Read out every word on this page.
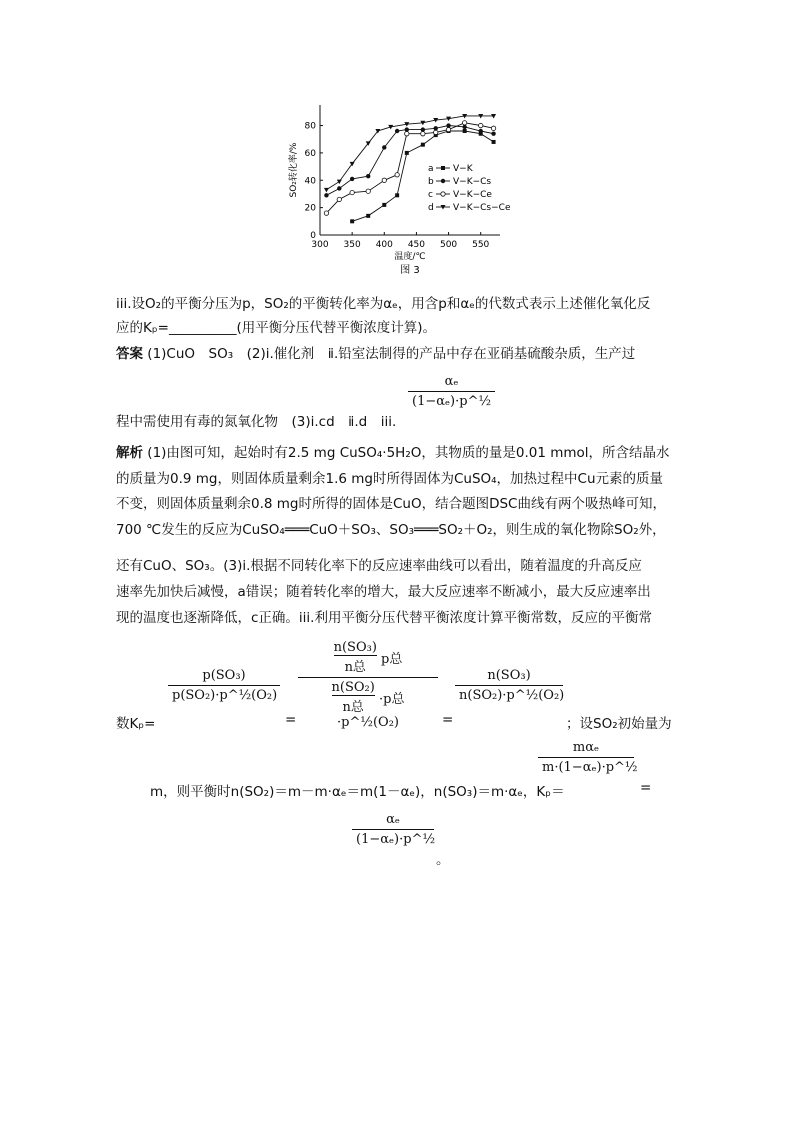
300 350 400 450 500 550
0
20
40
60
80
温度/℃
SO₂转化率/%
图 3
a V−K
b V−K−Cs
c V−K−Ce
d V−K−Cs−Ce
iii.设O₂的平衡分压为p，SO₂的平衡转化率为αₑ，用含p和αₑ的代数式表示上述催化氧化反
应的Kₚ=__________(用平衡分压代替平衡浓度计算)。
答案 (1)CuO　SO₃　(2)ⅰ.催化剂　ⅱ.铅室法制得的产品中存在亚硝基硫酸杂质，生产过
αₑ
(1−αₑ)·p^½
程中需使用有毒的氮氧化物　(3)ⅰ.cd　ⅱ.d　iii.
解析 (1)由图可知，起始时有2.5 mg CuSO₄·5H₂O，其物质的量是0.01 mmol，所含结晶水
的质量为0.9 mg，则固体质量剩余1.6 mg时所得固体为CuSO₄，加热过程中Cu元素的质量
不变，则固体质量剩余0.8 mg时所得的固体是CuO，结合题图DSC曲线有两个吸热峰可知，
700 ℃发生的反应为CuSO₄═══CuO＋SO₃、SO₃═══SO₂＋O₂，则生成的氧化物除SO₂外，
还有CuO、SO₃。(3)ⅰ.根据不同转化率下的反应速率曲线可以看出，随着温度的升高反应
速率先加快后减慢，a错误；随着转化率的增大，最大反应速率不断减小，最大反应速率出
现的温度也逐渐降低，c正确。iii.利用平衡分压代替平衡浓度计算平衡常数，反应的平衡常
数Kₚ=
p(SO₃)
p(SO₂)·p^½(O₂)
=
n(SO₃)
n总
p总
n(SO₂)
n总
·p总·p^½(O₂)	=
n(SO₃)
n(SO₂)·p^½(O₂)
；设SO₂初始量为
m，则平衡时n(SO₂)＝m－m·αₑ＝m(1－αₑ)，n(SO₃)＝m·αₑ，Kₚ＝
mαₑ
m·(1−αₑ)·p^½
=
αₑ
(1−αₑ)·p^½
。
